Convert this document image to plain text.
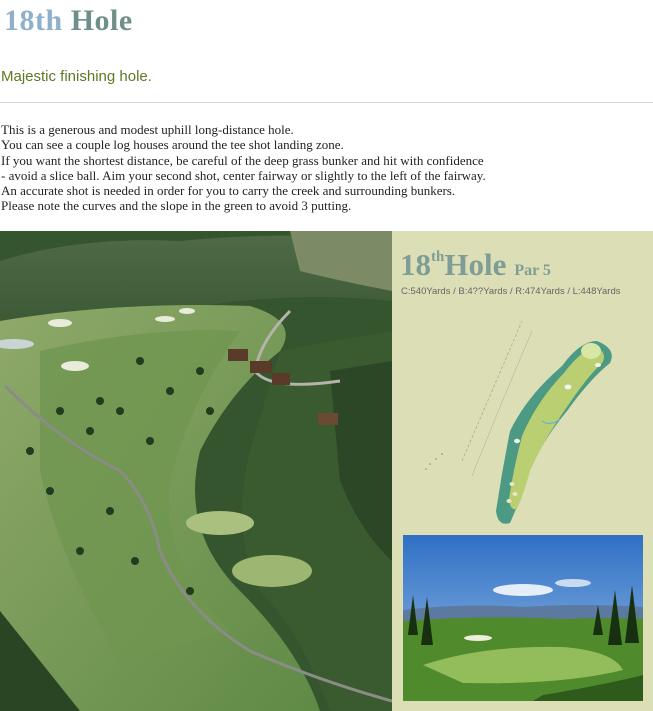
18th Hole
Majestic finishing hole.
This is a generous and modest uphill long-distance hole.
You can see a couple log houses around the tee shot landing zone.
If you want the shortest distance, be careful of the deep grass bunker and hit with confidence
- avoid a slice ball. Aim your second shot, center fairway or slightly to the left of the fairway.
An accurate shot is needed in order for you to carry the creek and surrounding bunkers.
Please note the curves and the slope in the green to avoid 3 putting.
18thHole Par 5
C:540Yards / B:4??Yards / R:474Yards / L:448Yards
